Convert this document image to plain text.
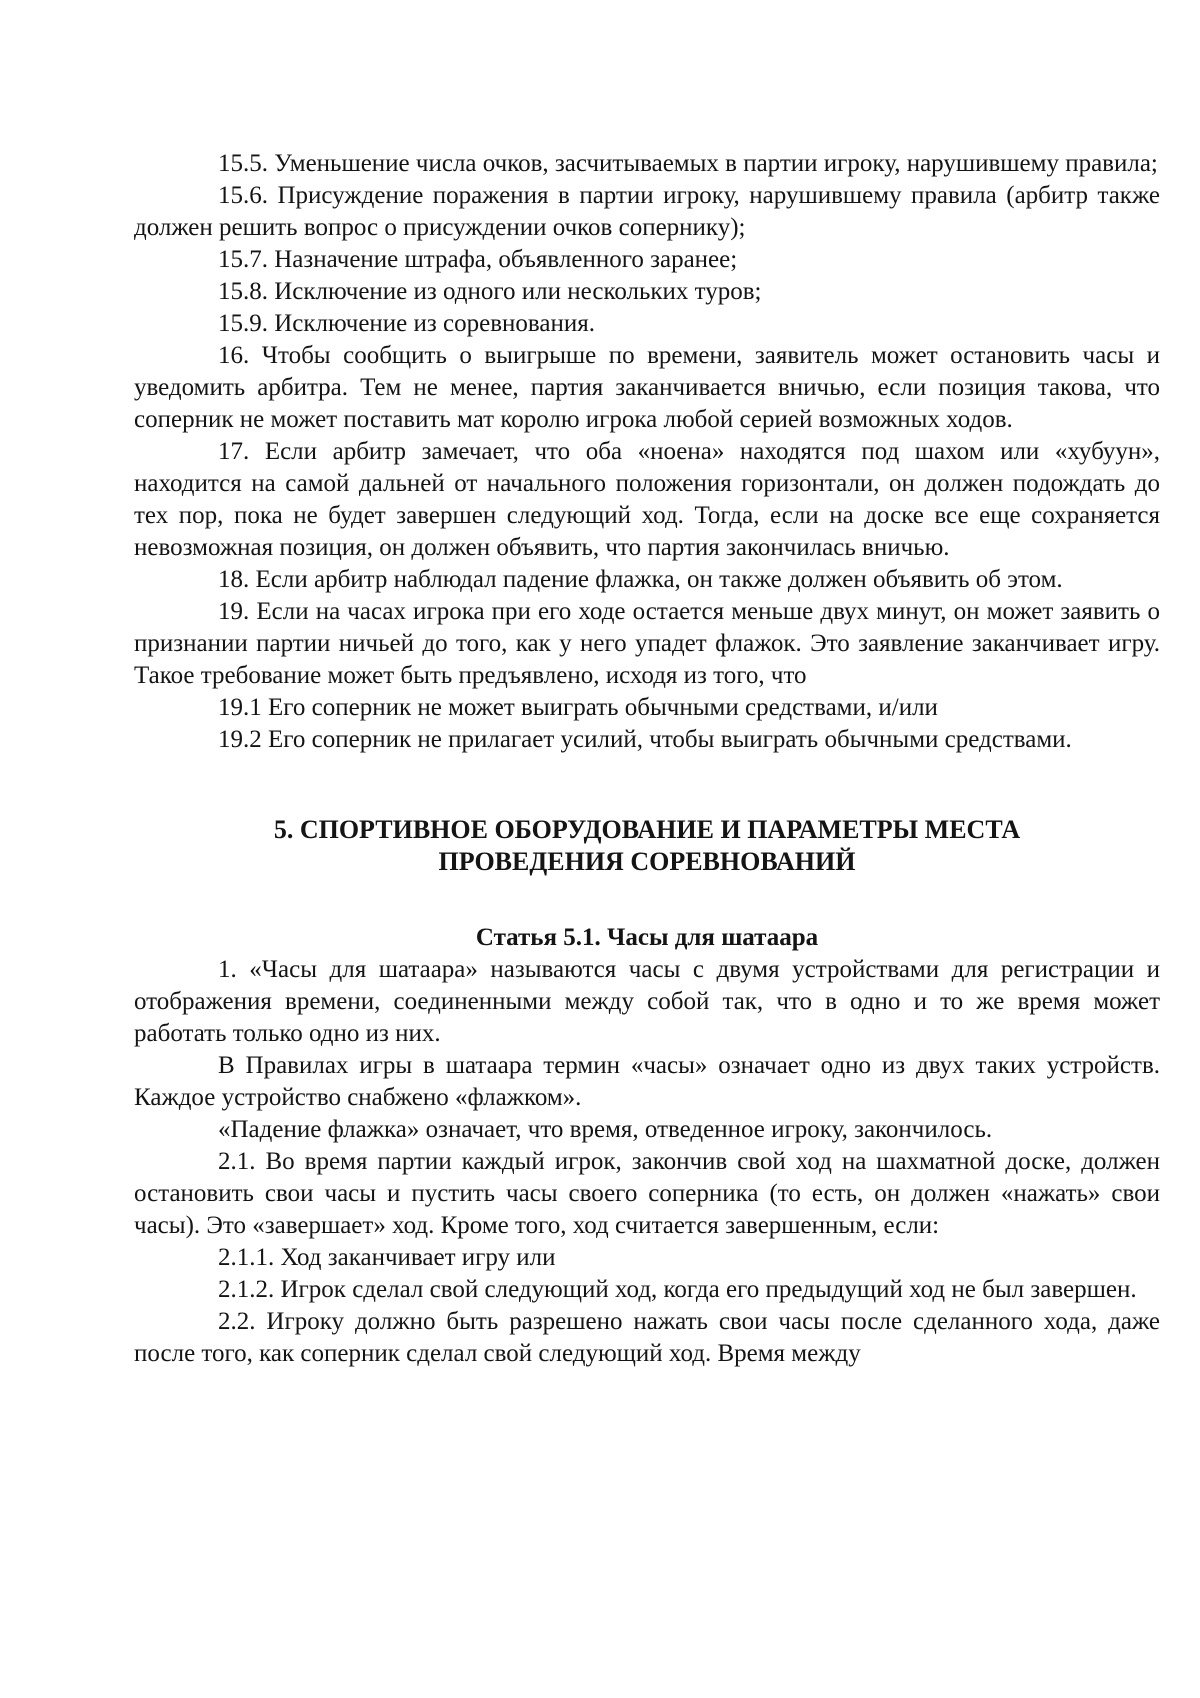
15.5. Уменьшение числа очков, засчитываемых в партии игроку, нарушившему правила;

15.6. Присуждение поражения в партии игроку, нарушившему правила (арбитр также должен решить вопрос о присуждении очков сопернику);

15.7. Назначение штрафа, объявленного заранее;

15.8. Исключение из одного или нескольких туров;

15.9. Исключение из соревнования.

16. Чтобы сообщить о выигрыше по времени, заявитель может остановить часы и уведомить арбитра. Тем не менее, партия заканчивается вничью, если позиция такова, что соперник не может поставить мат королю игрока любой серией возможных ходов.

17. Если арбитр замечает, что оба «ноена» находятся под шахом или «хубуун», находится на самой дальней от начального положения горизонтали, он должен подождать до тех пор, пока не будет завершен следующий ход. Тогда, если на доске все еще сохраняется невозможная позиция, он должен объявить, что партия закончилась вничью.

18. Если арбитр наблюдал падение флажка, он также должен объявить об этом.

19. Если на часах игрока при его ходе остается меньше двух минут, он может заявить о признании партии ничьей до того, как у него упадет флажок. Это заявление заканчивает игру. Такое требование может быть предъявлено, исходя из того, что

19.1 Его соперник не может выиграть обычными средствами, и/или

19.2 Его соперник не прилагает усилий, чтобы выиграть обычными средствами.

5. СПОРТИВНОЕ ОБОРУДОВАНИЕ И ПАРАМЕТРЫ МЕСТА
ПРОВЕДЕНИЯ СОРЕВНОВАНИЙ
Статья 5.1. Часы для шатаара

1. «Часы для шатаара» называются часы с двумя устройствами для регистрации и отображения времени, соединенными между собой так, что в одно и то же время может работать только одно из них.

В Правилах игры в шатаара термин «часы» означает одно из двух таких устройств. Каждое устройство снабжено «флажком».

«Падение флажка» означает, что время, отведенное игроку, закончилось.

2.1. Во время партии каждый игрок, закончив свой ход на шахматной доске, должен остановить свои часы и пустить часы своего соперника (то есть, он должен «нажать» свои часы). Это «завершает» ход. Кроме того, ход считается завершенным, если:

2.1.1. Ход заканчивает игру или

2.1.2. Игрок сделал свой следующий ход, когда его предыдущий ход не был завершен.

2.2. Игроку должно быть разрешено нажать свои часы после сделанного хода, даже после того, как соперник сделал свой следующий ход. Время между
